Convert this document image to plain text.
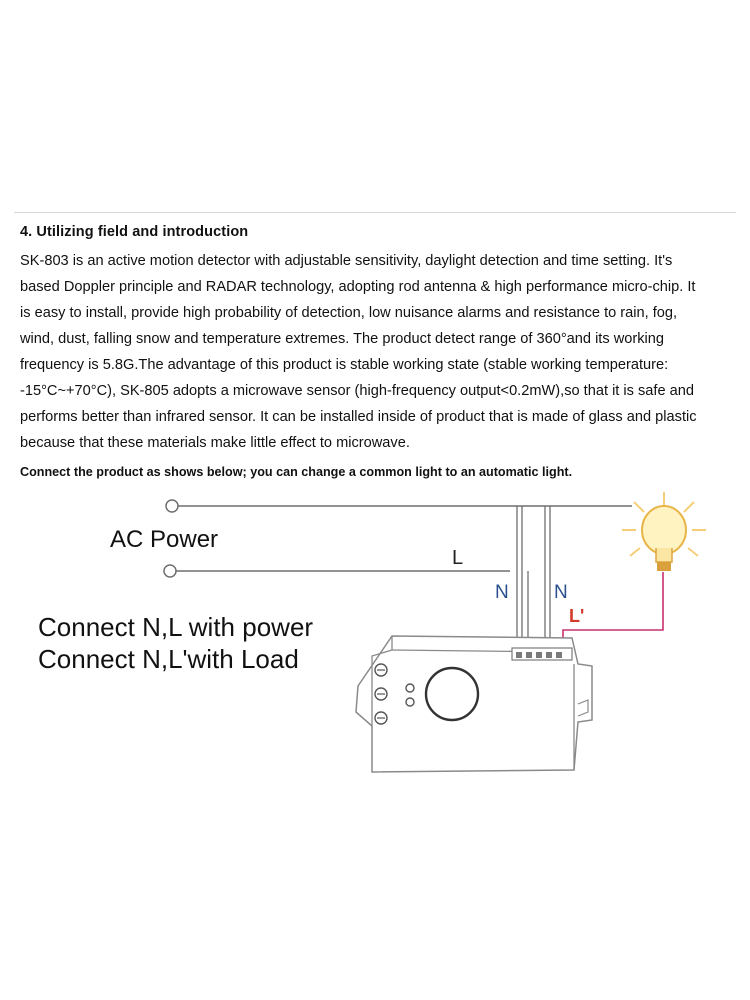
4. Utilizing field and introduction
SK-803 is an active motion detector with adjustable sensitivity, daylight detection and time setting. It's
based Doppler principle and RADAR technology, adopting rod antenna & high performance micro-chip. It
is easy to install, provide high probability of detection, low nuisance alarms and resistance to rain, fog,
wind, dust, falling snow and temperature extremes. The product detect range of 360°and its working
frequency is 5.8G.The advantage of this product is stable working state (stable working temperature:
-15°C~+70°C), SK-805 adopts a microwave sensor (high-frequency output<0.2mW),so that it is safe and
performs better than infrared sensor. It can be installed inside of product that is made of glass and plastic
because that these materials make little effect to microwave.
Connect the product as shows below; you can change a common light to an automatic light.
AC Power
L
N N
L'
Connect N,L with power
Connect N,L'with Load
